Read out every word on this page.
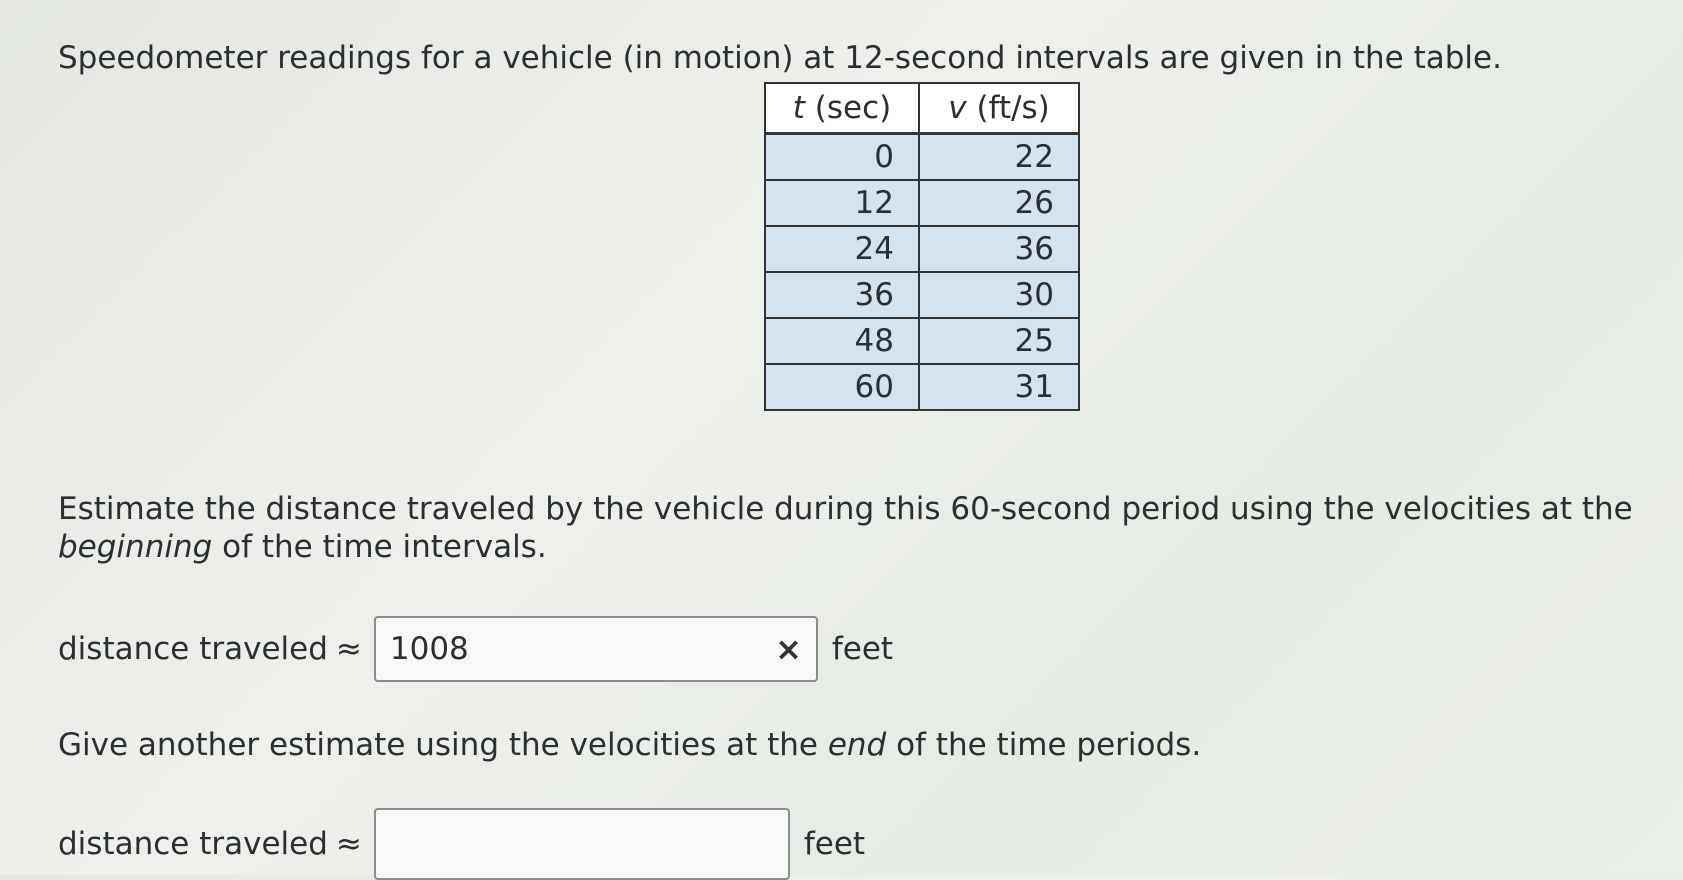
Speedometer readings for a vehicle (in motion) at 12-second intervals are given in the table.
t (sec)	v (ft/s)
0	22
12	26
24	36
36	30
48	25
60	31
Estimate the distance traveled by the vehicle during this 60-second period using the velocities at the beginning of the time intervals.
distance traveled ≈ 1008	× feet
Give another estimate using the velocities at the end of the time periods.
distance traveled ≈	feet
